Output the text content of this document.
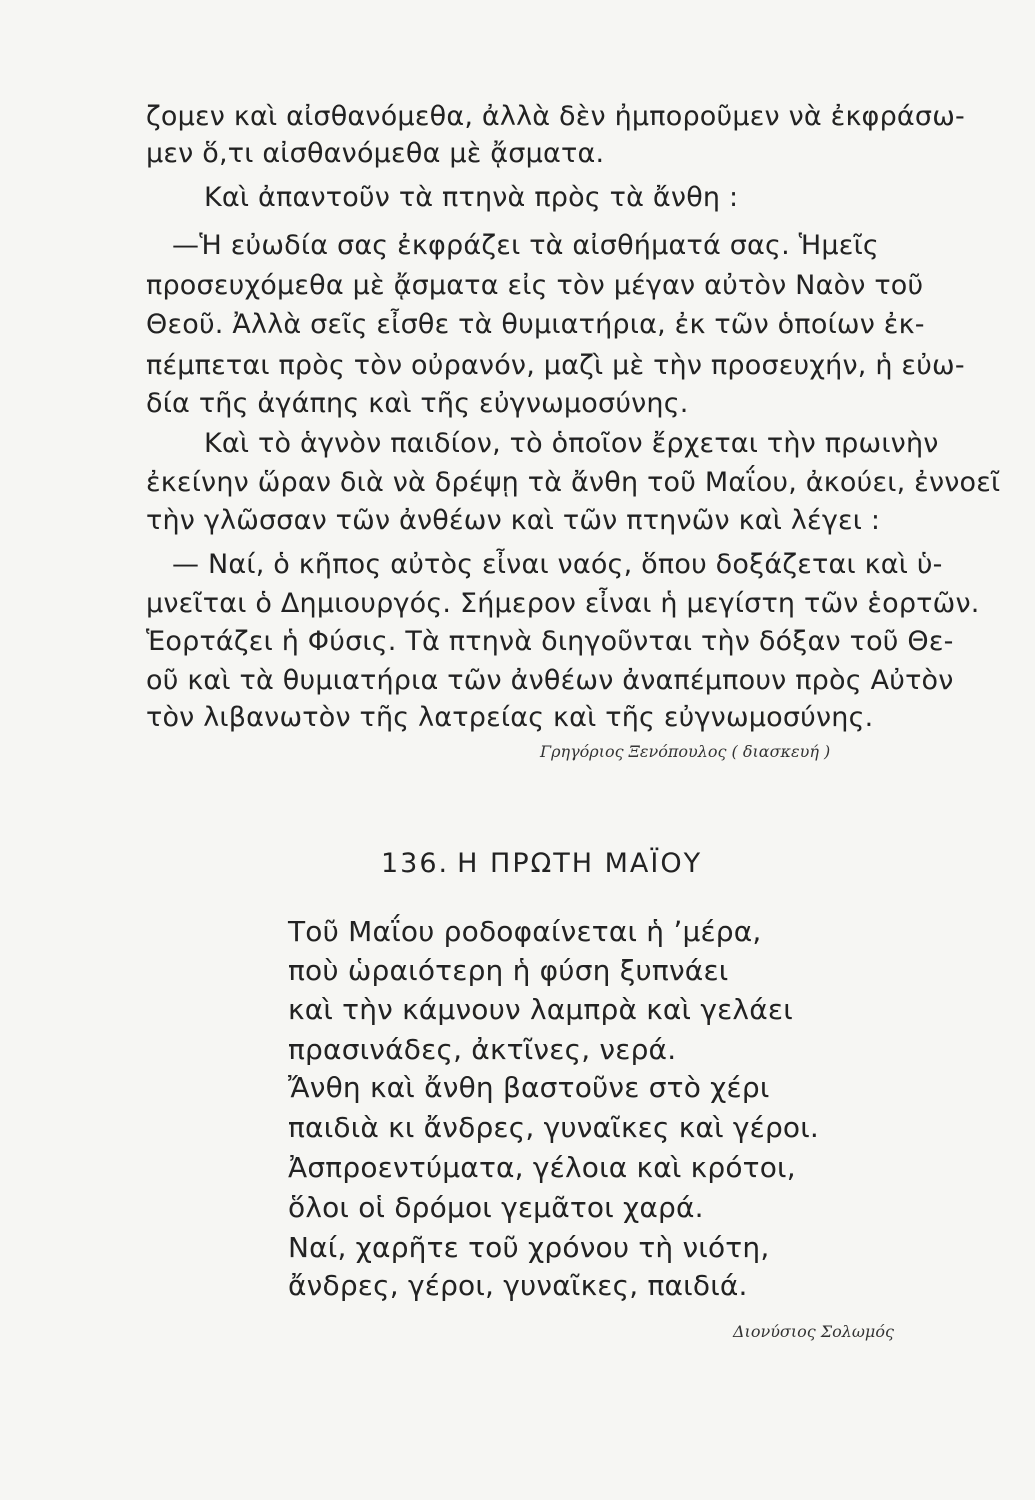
ζομεν καὶ αἰσθανόμεθα, ἀλλὰ δὲν ἠμποροῦμεν νὰ ἐκφράσω-
μεν ὅ,τι αἰσθανόμεθα μὲ ᾄσματα.
Καὶ ἀπαντοῦν τὰ πτηνὰ πρὸς τὰ ἄνθη :
—Ἡ εὐωδία σας ἐκφράζει τὰ αἰσθήματά σας. Ἡμεῖς
προσευχόμεθα μὲ ᾄσματα εἰς τὸν μέγαν αὐτὸν Ναὸν τοῦ
Θεοῦ. Ἀλλὰ σεῖς εἶσθε τὰ θυμιατήρια, ἐκ τῶν ὁποίων ἐκ-
πέμπεται πρὸς τὸν οὐρανόν, μαζὶ μὲ τὴν προσευχήν, ἡ εὐω-
δία τῆς ἀγάπης καὶ τῆς εὐγνωμοσύνης.
Καὶ τὸ ἁγνὸν παιδίον, τὸ ὁποῖον ἔρχεται τὴν πρωινὴν
ἐκείνην ὥραν διὰ νὰ δρέψῃ τὰ ἄνθη τοῦ Μαΐου, ἀκούει, ἐννοεῖ
τὴν γλῶσσαν τῶν ἀνθέων καὶ τῶν πτηνῶν καὶ λέγει :
— Ναί, ὁ κῆπος αὐτὸς εἶναι ναός, ὅπου δοξάζεται καὶ ὑ-
μνεῖται ὁ Δημιουργός. Σήμερον εἶναι ἡ μεγίστη τῶν ἑορτῶν.
Ἑορτάζει ἡ Φύσις. Τὰ πτηνὰ διηγοῦνται τὴν δόξαν τοῦ Θε-
οῦ καὶ τὰ θυμιατήρια τῶν ἀνθέων ἀναπέμπουν πρὸς Αὐτὸν
τὸν λιβανωτὸν τῆς λατρείας καὶ τῆς εὐγνωμοσύνης.
Γρηγόριος Ξενόπουλος ( διασκευή )
136. Η ΠΡΩΤΗ ΜΑΪΟΥ
Τοῦ Μαΐου ροδοφαίνεται ἡ ʼμέρα,
ποὺ ὡραιότερη ἡ φύση ξυπνάει
καὶ τὴν κάμνουν λαμπρὰ καὶ γελάει
πρασινάδες, ἀκτῖνες, νερά.
Ἄνθη καὶ ἄνθη βαστοῦνε στὸ χέρι
παιδιὰ κι ἄνδρες, γυναῖκες καὶ γέροι.
Ἀσπροεντύματα, γέλοια καὶ κρότοι,
ὅλοι οἱ δρόμοι γεμᾶτοι χαρά.
Ναί, χαρῆτε τοῦ χρόνου τὴ νιότη,
ἄνδρες, γέροι, γυναῖκες, παιδιά.
Διονύσιος Σολωμός
